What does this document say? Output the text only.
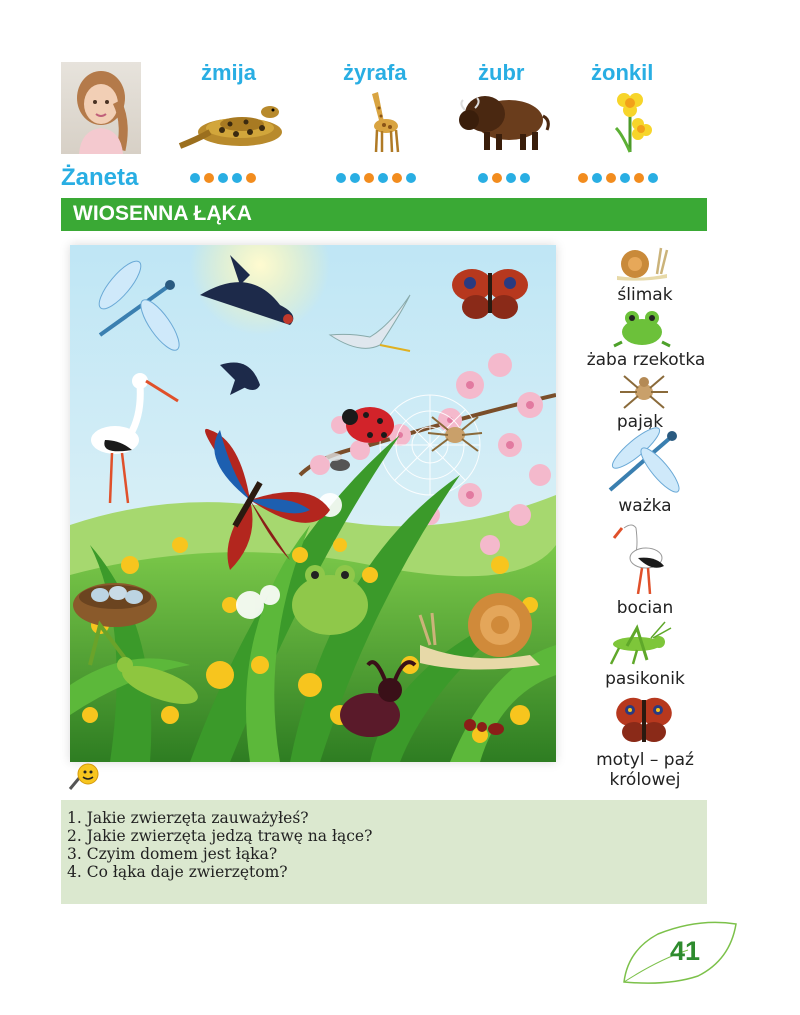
żmija	żyrafa	żubr	żonkil
Żaneta
WIOSENNA ŁĄKA
ślimak
żaba rzekotka
pająk
ważka
bocian
pasikonik
motyl – paź
królowej
1. Jakie zwierzęta zauważyłeś?
2. Jakie zwierzęta jedzą trawę na łące?
3. Czyim domem jest łąka?
4. Co łąka daje zwierzętom?
41
